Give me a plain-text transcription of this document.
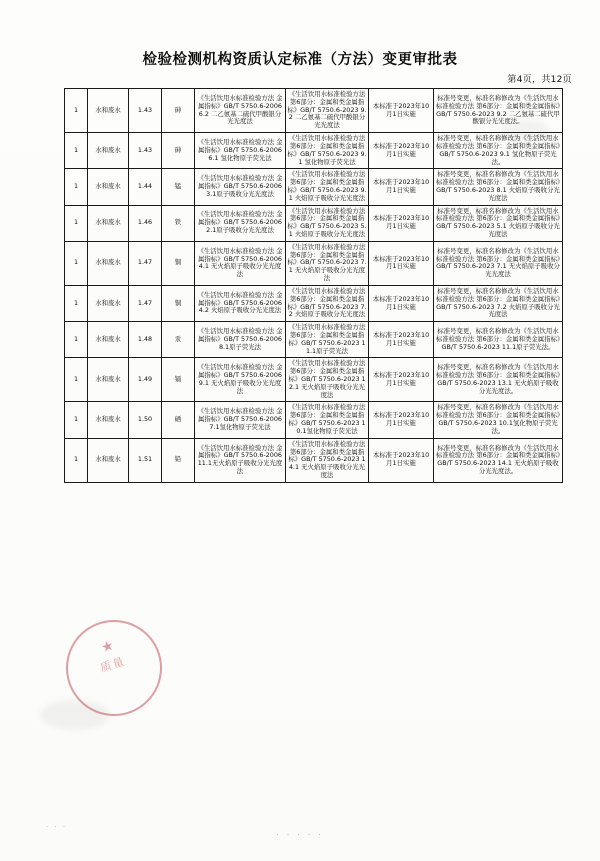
检验检测机构资质认定标准（方法）变更审批表
第4页，共12页
1	水和废水	1.43	砷	《生活饮用水标准检验方法 金属指标》GB/T 5750.6-2006 6.2 二乙氨基二硫代甲酸银分光光度法	《生活饮用水标准检验方法 第6部分：金属和类金属指标》GB/T 5750.6-2023 9.2 二乙氨基二硫代甲酸银分光光度法	本标准于2023年10月1日实施	标准号变更，标准名称修改为《生活饮用水标准检验方法 第6部分：金属和类金属指标》GB/T 5750.6-2023 9.2 二乙氨基二硫代甲酸银分光光度法。
1	水和废水	1.43	砷	《生活饮用水标准检验方法 金属指标》GB/T 5750.6-2006 6.1 氢化物原子荧光法	《生活饮用水标准检验方法 第6部分：金属和类金属指标》GB/T 5750.6-2023 9.1 氢化物原子荧光法	本标准于2023年10月1日实施	标准号变更，标准名称修改为《生活饮用水标准检验方法 第6部分：金属和类金属指标》GB/T 5750.6-2023 9.1 氢化物原子荧光法。
1	水和废水	1.44	锰	《生活饮用水标准检验方法 金属指标》GB/T 5750.6-2006 3.1原子吸收分光光度法	《生活饮用水标准检验方法 第6部分：金属和类金属指标》GB/T 5750.6-2023 9.1 火焰原子吸收分光光度法	本标准于2023年10月1日实施	标准号变更，标准名称修改为《生活饮用水标准检验方法 第6部分：金属和类金属指标》GB/T 5750.6-2023 8.1 火焰原子吸收分光光度法
1	水和废水	1.46	铁	《生活饮用水标准检验方法 金属指标》GB/T 5750.6-2006 2.1原子吸收分光光度法	《生活饮用水标准检验方法 第6部分：金属和类金属指标》GB/T 5750.6-2023 5.1 火焰原子吸收分光光度法	本标准于2023年10月1日实施	标准号变更，标准名称修改为《生活饮用水标准检验方法 第6部分：金属和类金属指标》GB/T 5750.6-2023 5.1 火焰原子吸收分光光度法
1	水和废水	1.47	铜	《生活饮用水标准检验方法 金属指标》GB/T 5750.6-2006 4.1 无火焰原子吸收分光光度法	《生活饮用水标准检验方法 第6部分：金属和类金属指标》GB/T 5750.6-2023 7.1 无火焰原子吸收分光光度法	本标准于2023年10月1日实施	标准号变更，标准名称修改为《生活饮用水标准检验方法 第6部分：金属和类金属指标》GB/T 5750.6-2023 7.1 无火焰原子吸收分光光度法
1	水和废水	1.47	铜	《生活饮用水标准检验方法 金属指标》GB/T 5750.6-2006 4.2 火焰原子吸收分光光度法	《生活饮用水标准检验方法 第6部分：金属和类金属指标》GB/T 5750.6-2023 7.2 火焰原子吸收分光光度法	本标准于2023年10月1日实施	标准号变更，标准名称修改为《生活饮用水标准检验方法 第6部分：金属和类金属指标》GB/T 5750.6-2023 7.2 火焰原子吸收分光光度法
1	水和废水	1.48	汞	《生活饮用水标准检验方法 金属指标》GB/T 5750.6-2006 8.1原子荧光法	《生活饮用水标准检验方法 第6部分：金属和类金属指标》GB/T 5750.6-2023 11.1原子荧光法	本标准于2023年10月1日实施	标准号变更，标准名称修改为《生活饮用水标准检验方法 第6部分：金属和类金属指标》GB/T 5750.6-2023 11.1原子荧光法。
1	水和废水	1.49	镉	《生活饮用水标准检验方法 金属指标》GB/T 5750.6-2006 9.1 无火焰原子吸收分光光度法	《生活饮用水标准检验方法 第6部分：金属和类金属指标》GB/T 5750.6-2023 12.1 无火焰原子吸收分光光度法	本标准于2023年10月1日实施	标准号变更，标准名称修改为《生活饮用水标准检验方法 第6部分：金属和类金属指标》GB/T 5750.6-2023 13.1 无火焰原子吸收分光光度法。
1	水和废水	1.50	硒	《生活饮用水标准检验方法 金属指标》GB/T 5750.6-2006 7.1氢化物原子荧光法	《生活饮用水标准检验方法 第6部分：金属和类金属指标》GB/T 5750.6-2023 10.1氢化物原子荧光法	本标准于2023年10月1日实施	标准号变更，标准名称修改为《生活饮用水标准检验方法 第6部分：金属和类金属指标》GB/T 5750.6-2023 10.1氢化物原子荧光法。
1	水和废水	1.51	铅	《生活饮用水标准检验方法 金属指标》GB/T 5750.6-2006 11.1无火焰原子吸收分光光度法	《生活饮用水标准检验方法 第6部分：金属和类金属指标》GB/T 5750.6-2023 14.1 无火焰原子吸收分光光度法	本标准于2023年10月1日实施	标准号变更，标准名称修改为《生活饮用水标准检验方法 第6部分：金属和类金属指标》GB/T 5750.6-2023 14.1 无火焰原子吸收分光光度法。
★
质量
· · ·
· · · · ·
